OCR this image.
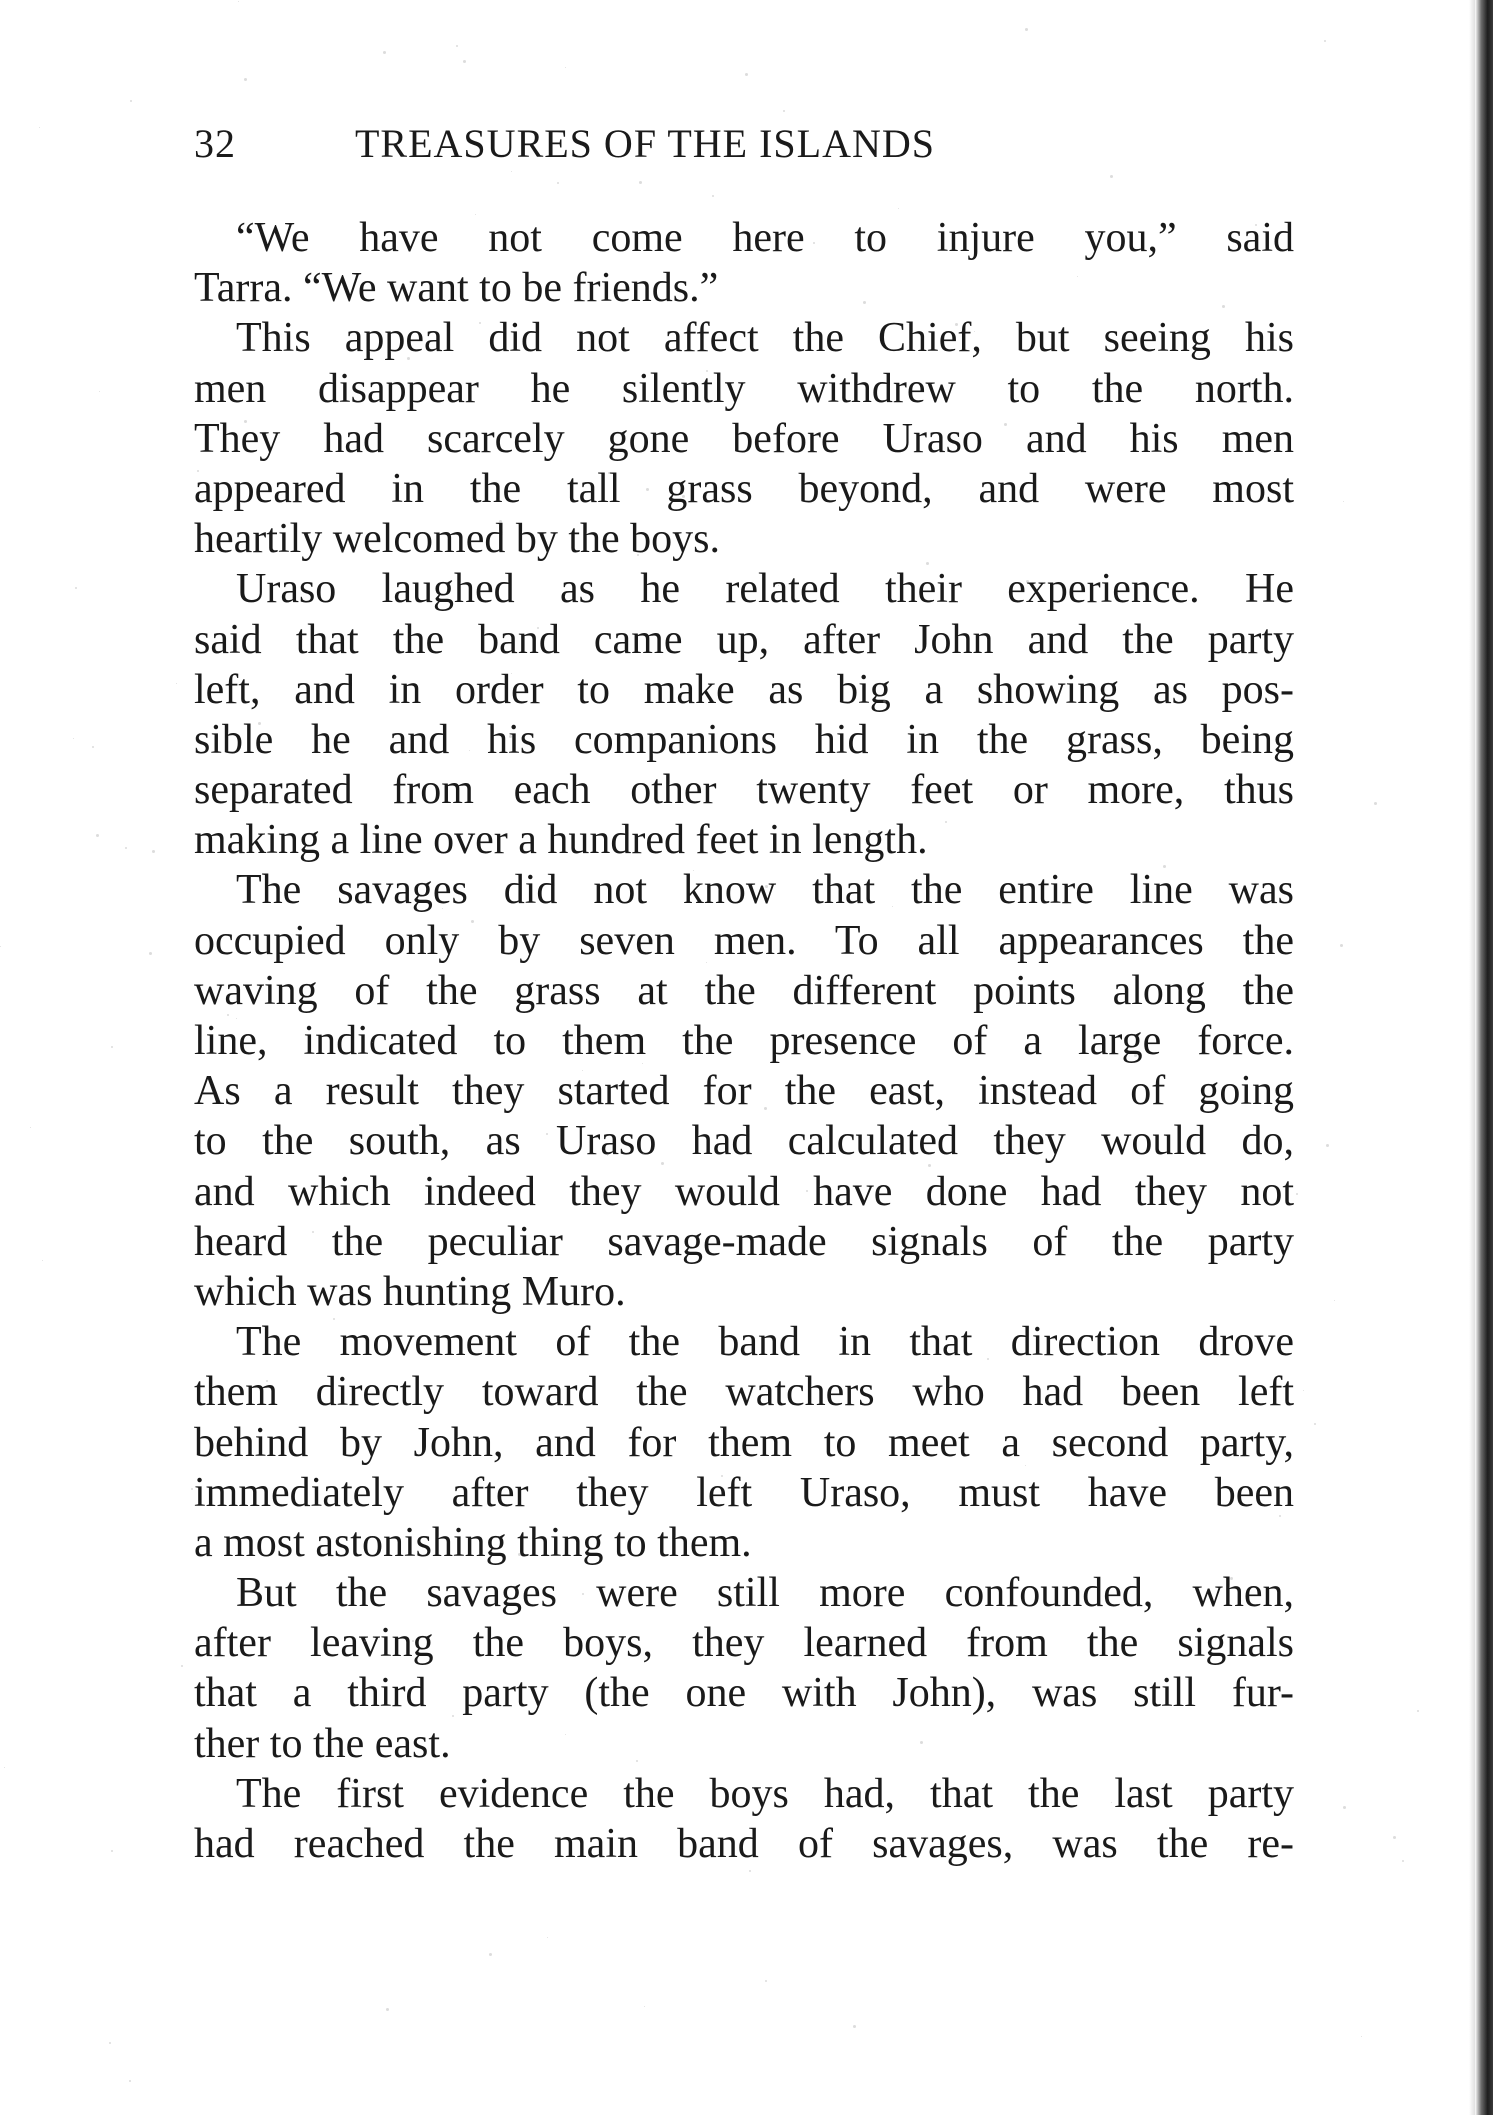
32	TREASURES OF THE ISLANDS
“We have not come here to injure you,” said
Tarra. “We want to be friends.”
This appeal did not affect the Chief, but seeing his
men disappear he silently withdrew to the north.
They had scarcely gone before Uraso and his men
appeared in the tall grass beyond, and were most
heartily welcomed by the boys.
Uraso laughed as he related their experience. He
said that the band came up, after John and the party
left, and in order to make as big a showing as pos-
sible he and his companions hid in the grass, being
separated from each other twenty feet or more, thus
making a line over a hundred feet in length.
The savages did not know that the entire line was
occupied only by seven men. To all appearances the
waving of the grass at the different points along the
line, indicated to them the presence of a large force.
As a result they started for the east, instead of going
to the south, as Uraso had calculated they would do,
and which indeed they would have done had they not
heard the peculiar savage-made signals of the party
which was hunting Muro.
The movement of the band in that direction drove
them directly toward the watchers who had been left
behind by John, and for them to meet a second party,
immediately after they left Uraso, must have been
a most astonishing thing to them.
But the savages were still more confounded, when,
after leaving the boys, they learned from the signals
that a third party (the one with John), was still fur-
ther to the east.
The first evidence the boys had, that the last party
had reached the main band of savages, was the re-
